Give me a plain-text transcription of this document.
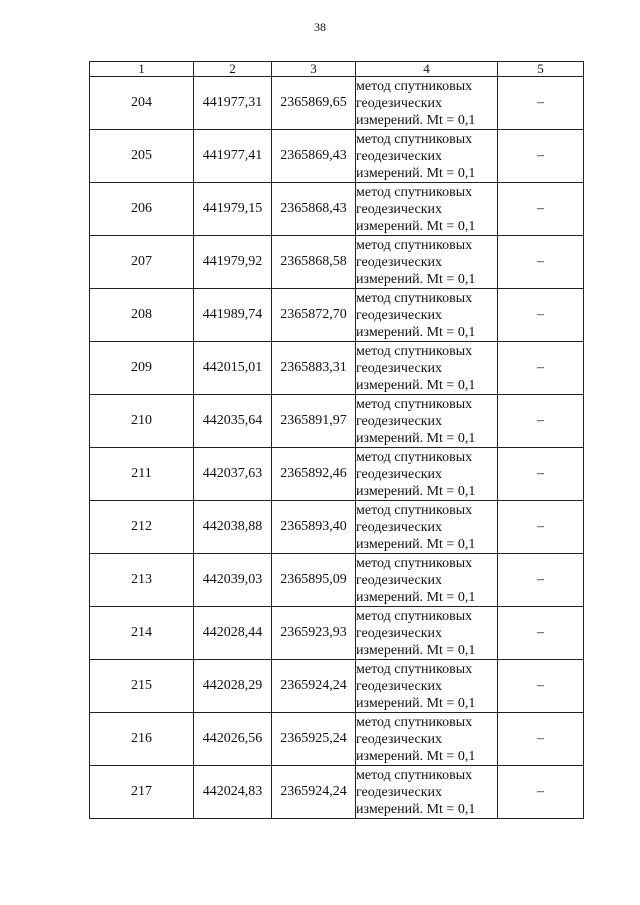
38
1	2	3	4	5
204	441977,31	2365869,65	метод спутниковых
геодезических
измерений. Mt = 0,1	–
205	441977,41	2365869,43	метод спутниковых
геодезических
измерений. Mt = 0,1	–
206	441979,15	2365868,43	метод спутниковых
геодезических
измерений. Mt = 0,1	–
207	441979,92	2365868,58	метод спутниковых
геодезических
измерений. Mt = 0,1	–
208	441989,74	2365872,70	метод спутниковых
геодезических
измерений. Mt = 0,1	–
209	442015,01	2365883,31	метод спутниковых
геодезических
измерений. Mt = 0,1	–
210	442035,64	2365891,97	метод спутниковых
геодезических
измерений. Mt = 0,1	–
211	442037,63	2365892,46	метод спутниковых
геодезических
измерений. Mt = 0,1	–
212	442038,88	2365893,40	метод спутниковых
геодезических
измерений. Mt = 0,1	–
213	442039,03	2365895,09	метод спутниковых
геодезических
измерений. Mt = 0,1	–
214	442028,44	2365923,93	метод спутниковых
геодезических
измерений. Mt = 0,1	–
215	442028,29	2365924,24	метод спутниковых
геодезических
измерений. Mt = 0,1	–
216	442026,56	2365925,24	метод спутниковых
геодезических
измерений. Mt = 0,1	–
217	442024,83	2365924,24	метод спутниковых
геодезических
измерений. Mt = 0,1	–
